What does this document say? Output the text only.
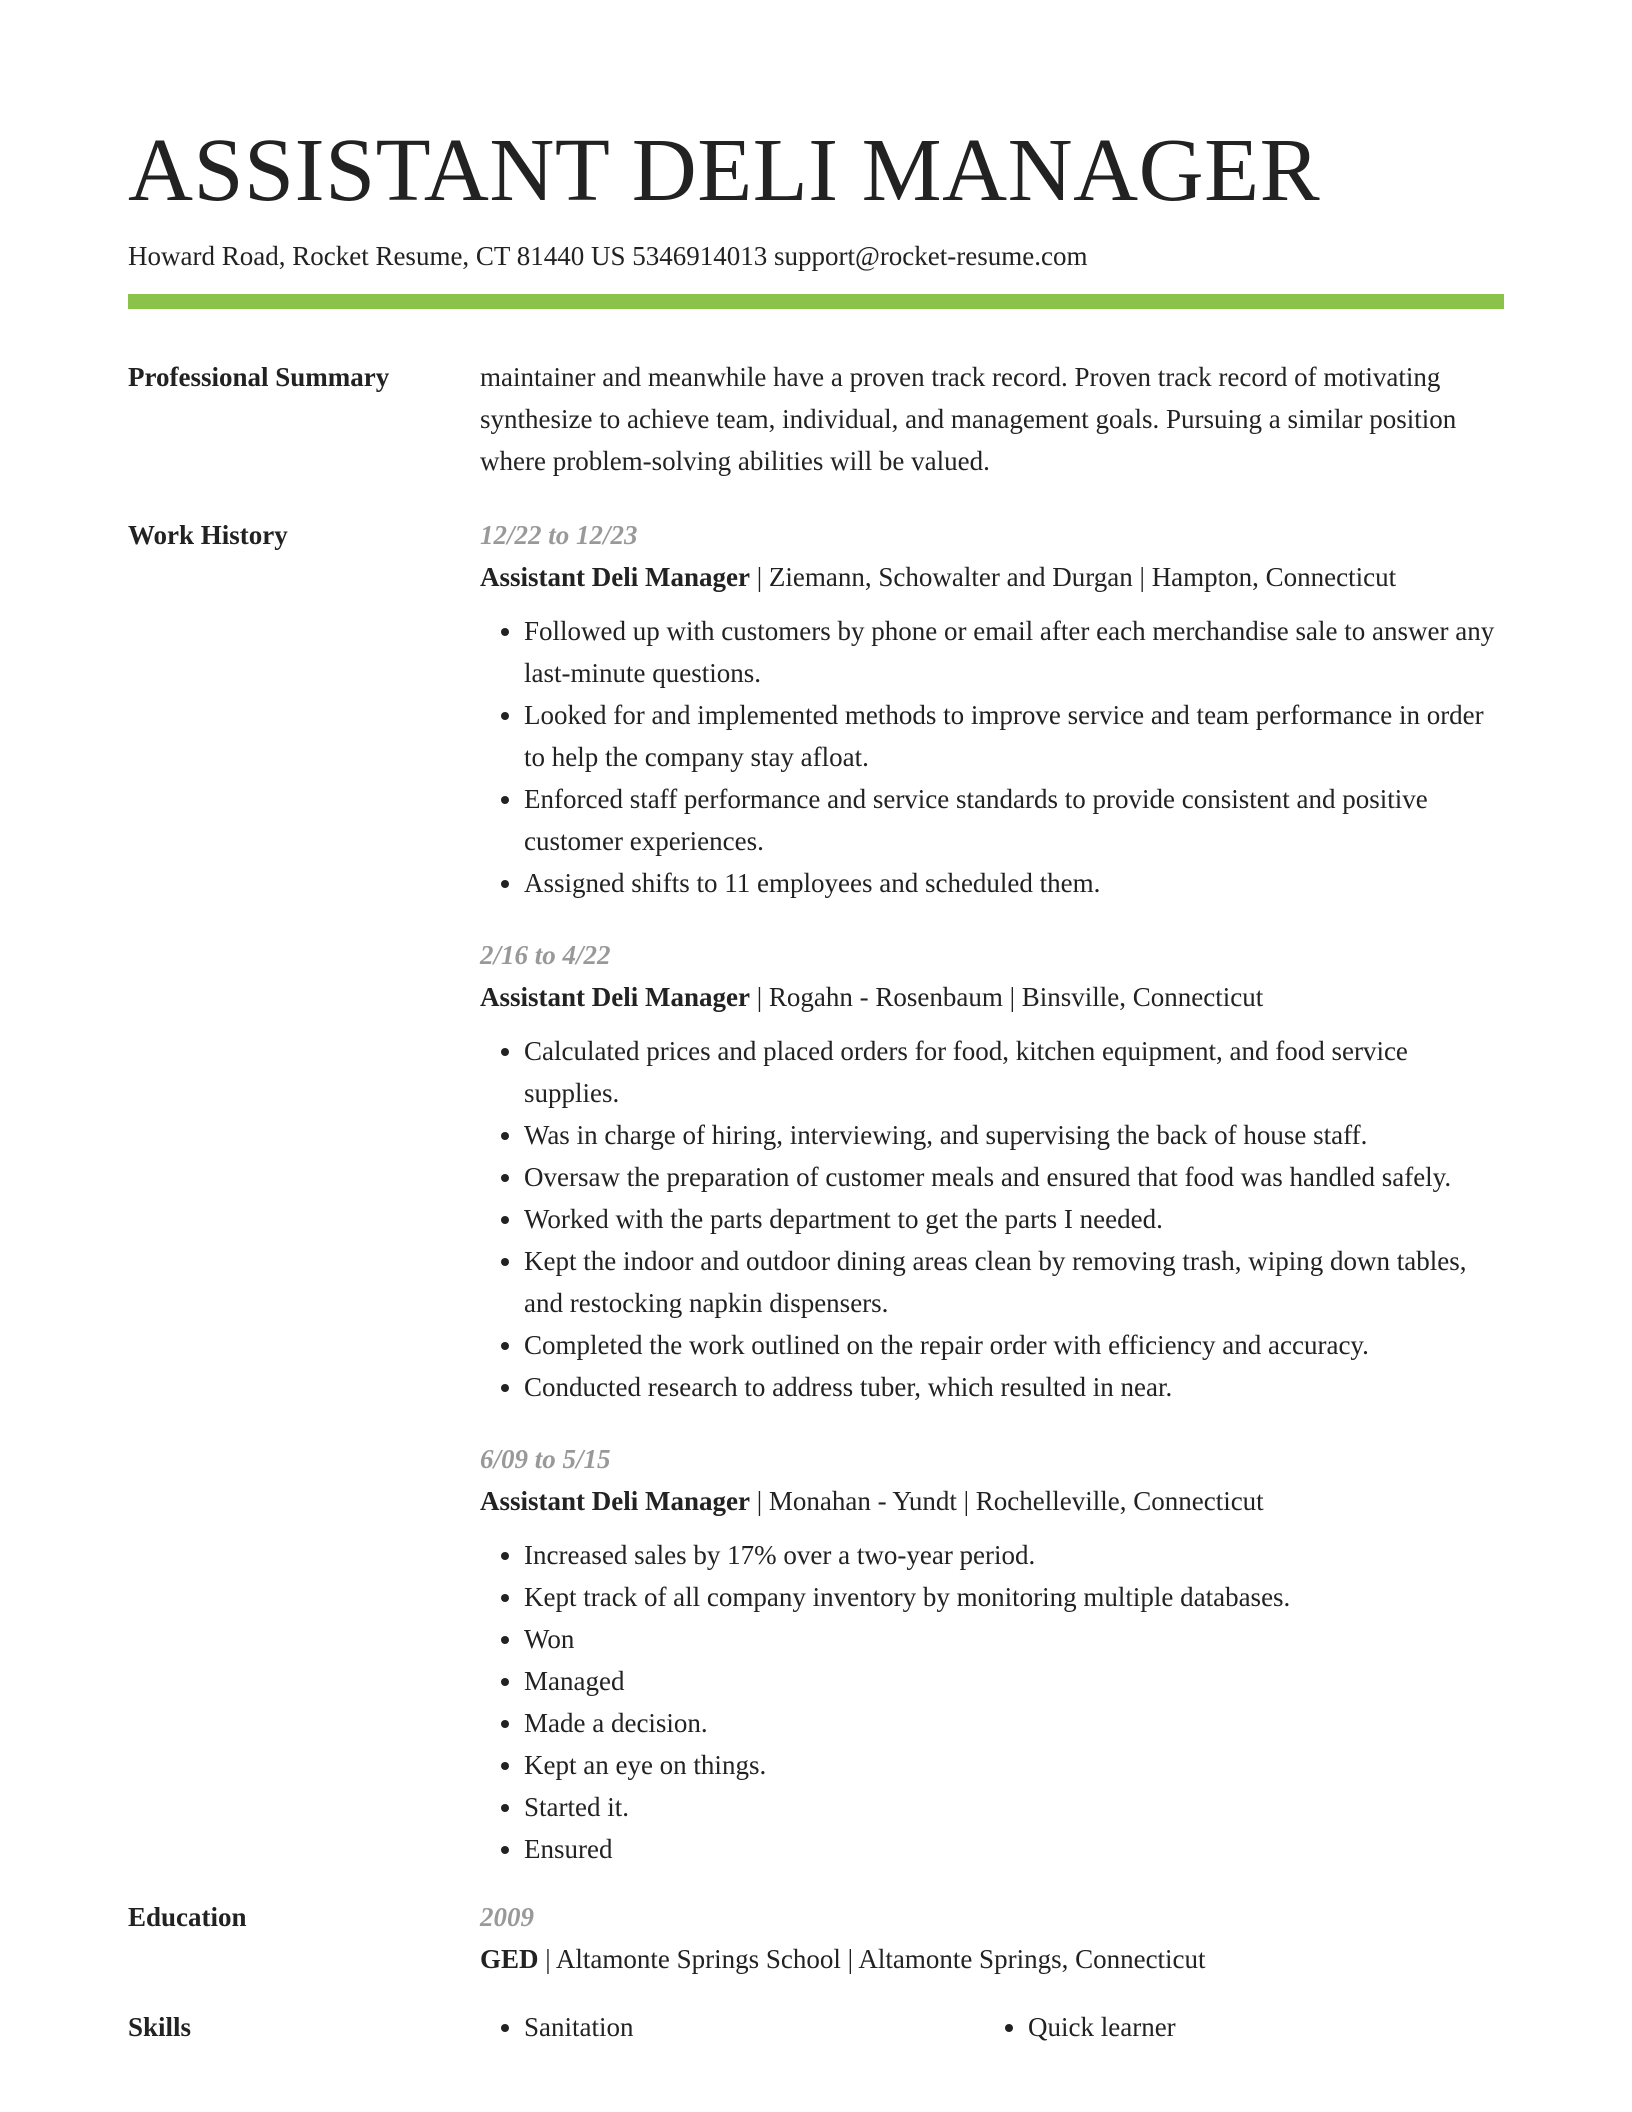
ASSISTANT DELI MANAGER
Howard Road, Rocket Resume, CT 81440 US 5346914013 support@rocket-resume.com
Professional Summary	maintainer and meanwhile have a proven track record. Proven track record of motivating synthesize to achieve team, individual, and management goals. Pursuing a similar position where problem-solving abilities will be valued.
Work History	12/22 to 12/23
Assistant Deli Manager | Ziemann, Schowalter and Durgan | Hampton, Connecticut
• Followed up with customers by phone or email after each merchandise sale to answer any last-minute questions.
• Looked for and implemented methods to improve service and team performance in order to help the company stay afloat.
• Enforced staff performance and service standards to provide consistent and positive customer experiences.
• Assigned shifts to 11 employees and scheduled them.
2/16 to 4/22
Assistant Deli Manager | Rogahn - Rosenbaum | Binsville, Connecticut
• Calculated prices and placed orders for food, kitchen equipment, and food service supplies.
• Was in charge of hiring, interviewing, and supervising the back of house staff.
• Oversaw the preparation of customer meals and ensured that food was handled safely.
• Worked with the parts department to get the parts I needed.
• Kept the indoor and outdoor dining areas clean by removing trash, wiping down tables, and restocking napkin dispensers.
• Completed the work outlined on the repair order with efficiency and accuracy.
• Conducted research to address tuber, which resulted in near.
6/09 to 5/15
Assistant Deli Manager | Monahan - Yundt | Rochelleville, Connecticut
• Increased sales by 17% over a two-year period.
• Kept track of all company inventory by monitoring multiple databases.
• Won
• Managed
• Made a decision.
• Kept an eye on things.
• Started it.
• Ensured
Education	2009
GED | Altamonte Springs School | Altamonte Springs, Connecticut
Skills	• Sanitation	• Quick learner
